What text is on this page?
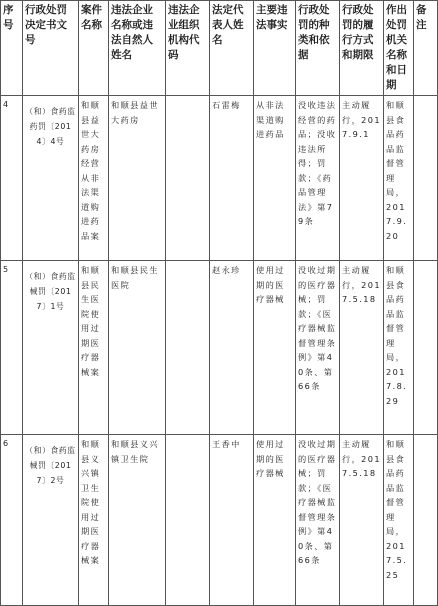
序号	行政处罚决定书文号	案件名称	违法企业名称或违法自然人姓名	违法企业组织机构代码	法定代表人姓名	主要违法事实	行政处罚的种类和依据	行政处罚的履行方式和期限	作出处罚机关名称和日期	备注
4	（和）食药监药罚〔2014〕4号	和顺县益世大药房经营从非法渠道购进药品案	和顺县益世大药房		石雷梅	从非法渠道购进药品	没收违法经营的药品；没收违法所得；罚款；《药品管理法》第79条	主动履行，2017.9.1	和顺县食品药品监督管理局，2017.9.20	
5	（和）食药监械罚〔2017〕1号	和顺县民生医院使用过期医疗器械案	和顺县民生医院		赵永珍	使用过期的医疗器械	没收过期的医疗器械；罚款；《医疗器械监督管理条例》第40条、第66条	主动履行，2017.5.18	和顺县食品药品监督管理局，2017.8.29	
6	（和）食药监械罚〔2017〕2号	和顺县义兴镇卫生院使用过期医疗器械案	和顺县义兴镇卫生院		王香中	使用过期的医疗器械	没收过期的医疗器械；罚款；《医疗器械监督管理条例》第40条、第66条	主动履行，2017.5.18	和顺县食品药品监督管理局，2017.5.25	
